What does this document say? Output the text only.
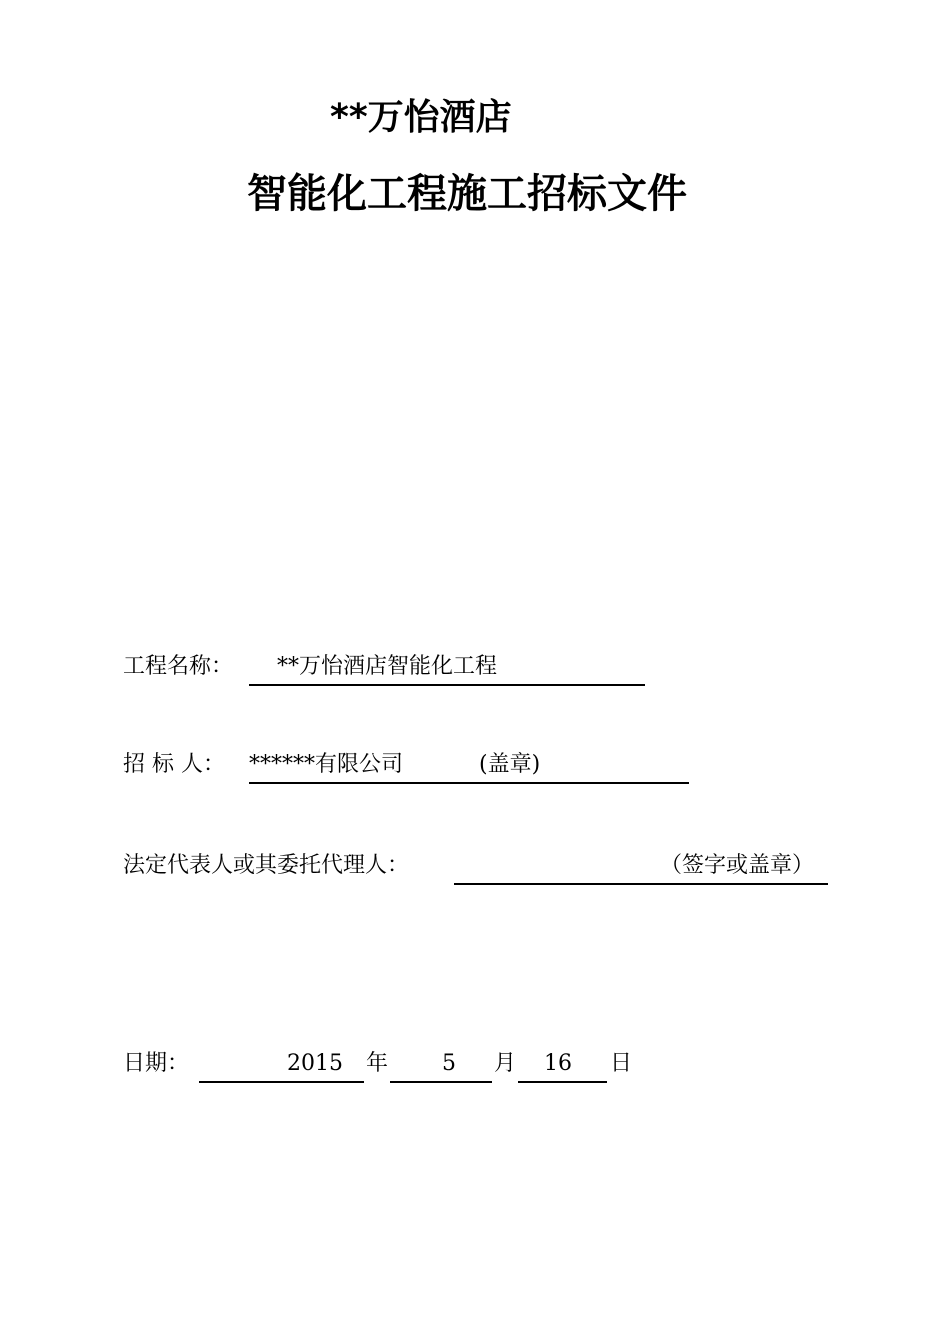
**万怡酒店
智能化工程施工招标文件
工程名称： **万怡酒店智能化工程
招 标 人： ******有限公司	(盖章)
法定代表人或其委托代理人：	（签字或盖章）
日期：	2015 年 5 月 16 日
